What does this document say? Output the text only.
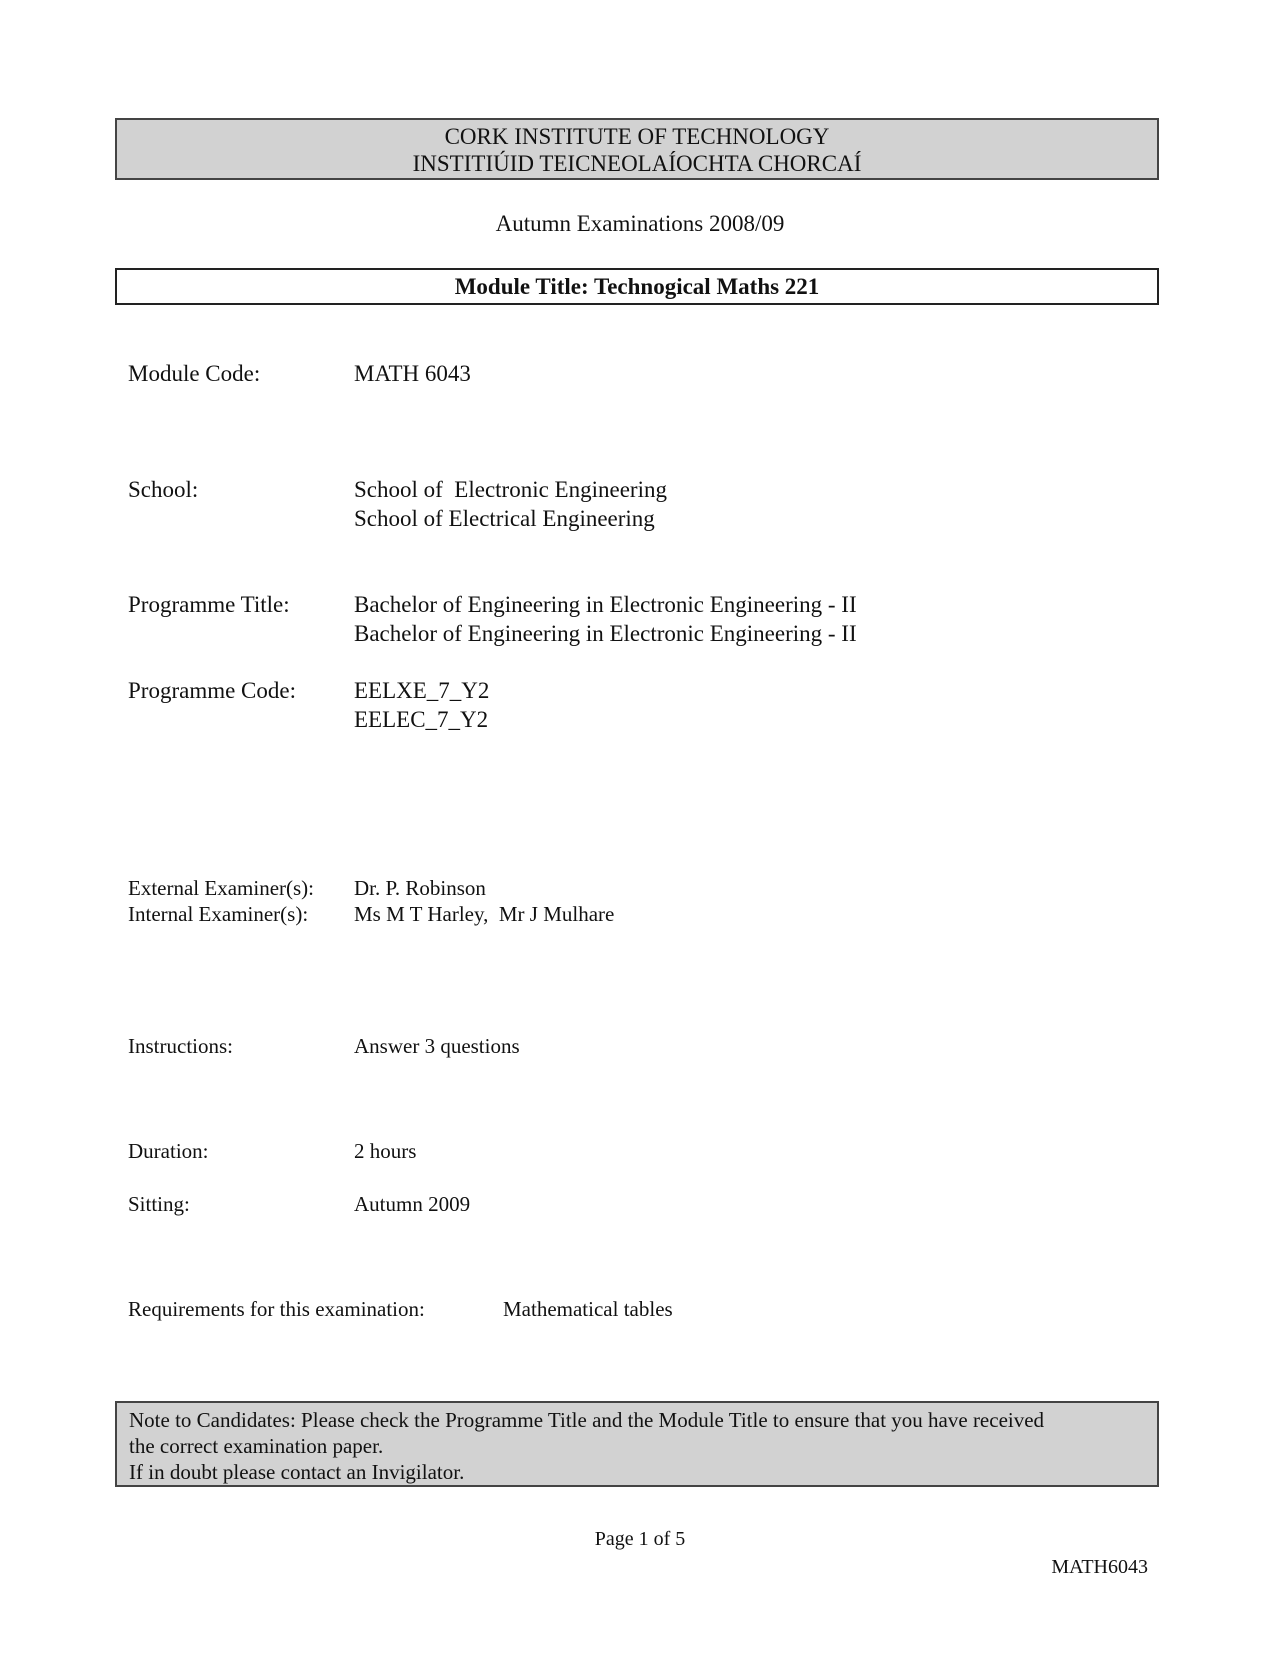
CORK INSTITUTE OF TECHNOLOGY
INSTITIÚID TEICNEOLAÍOCHTA CHORCAÍ
Autumn Examinations 2008/09
Module Title: Technogical Maths 221
Module Code:	MATH 6043
School:	School of  Electronic Engineering
School of Electrical Engineering
Programme Title:	Bachelor of Engineering in Electronic Engineering - II
Bachelor of Engineering in Electronic Engineering - II
Programme Code:	EELXE_7_Y2
EELEC_7_Y2
External Examiner(s): Dr. P. Robinson
Internal Examiner(s): Ms M T Harley,  Mr J Mulhare
Instructions:	Answer 3 questions
Duration:	2 hours
Sitting:	Autumn 2009
Requirements for this examination:	Mathematical tables
Note to Candidates: Please check the Programme Title and the Module Title to ensure that you have received
the correct examination paper.
If in doubt please contact an Invigilator.
Page 1 of 5
MATH6043
